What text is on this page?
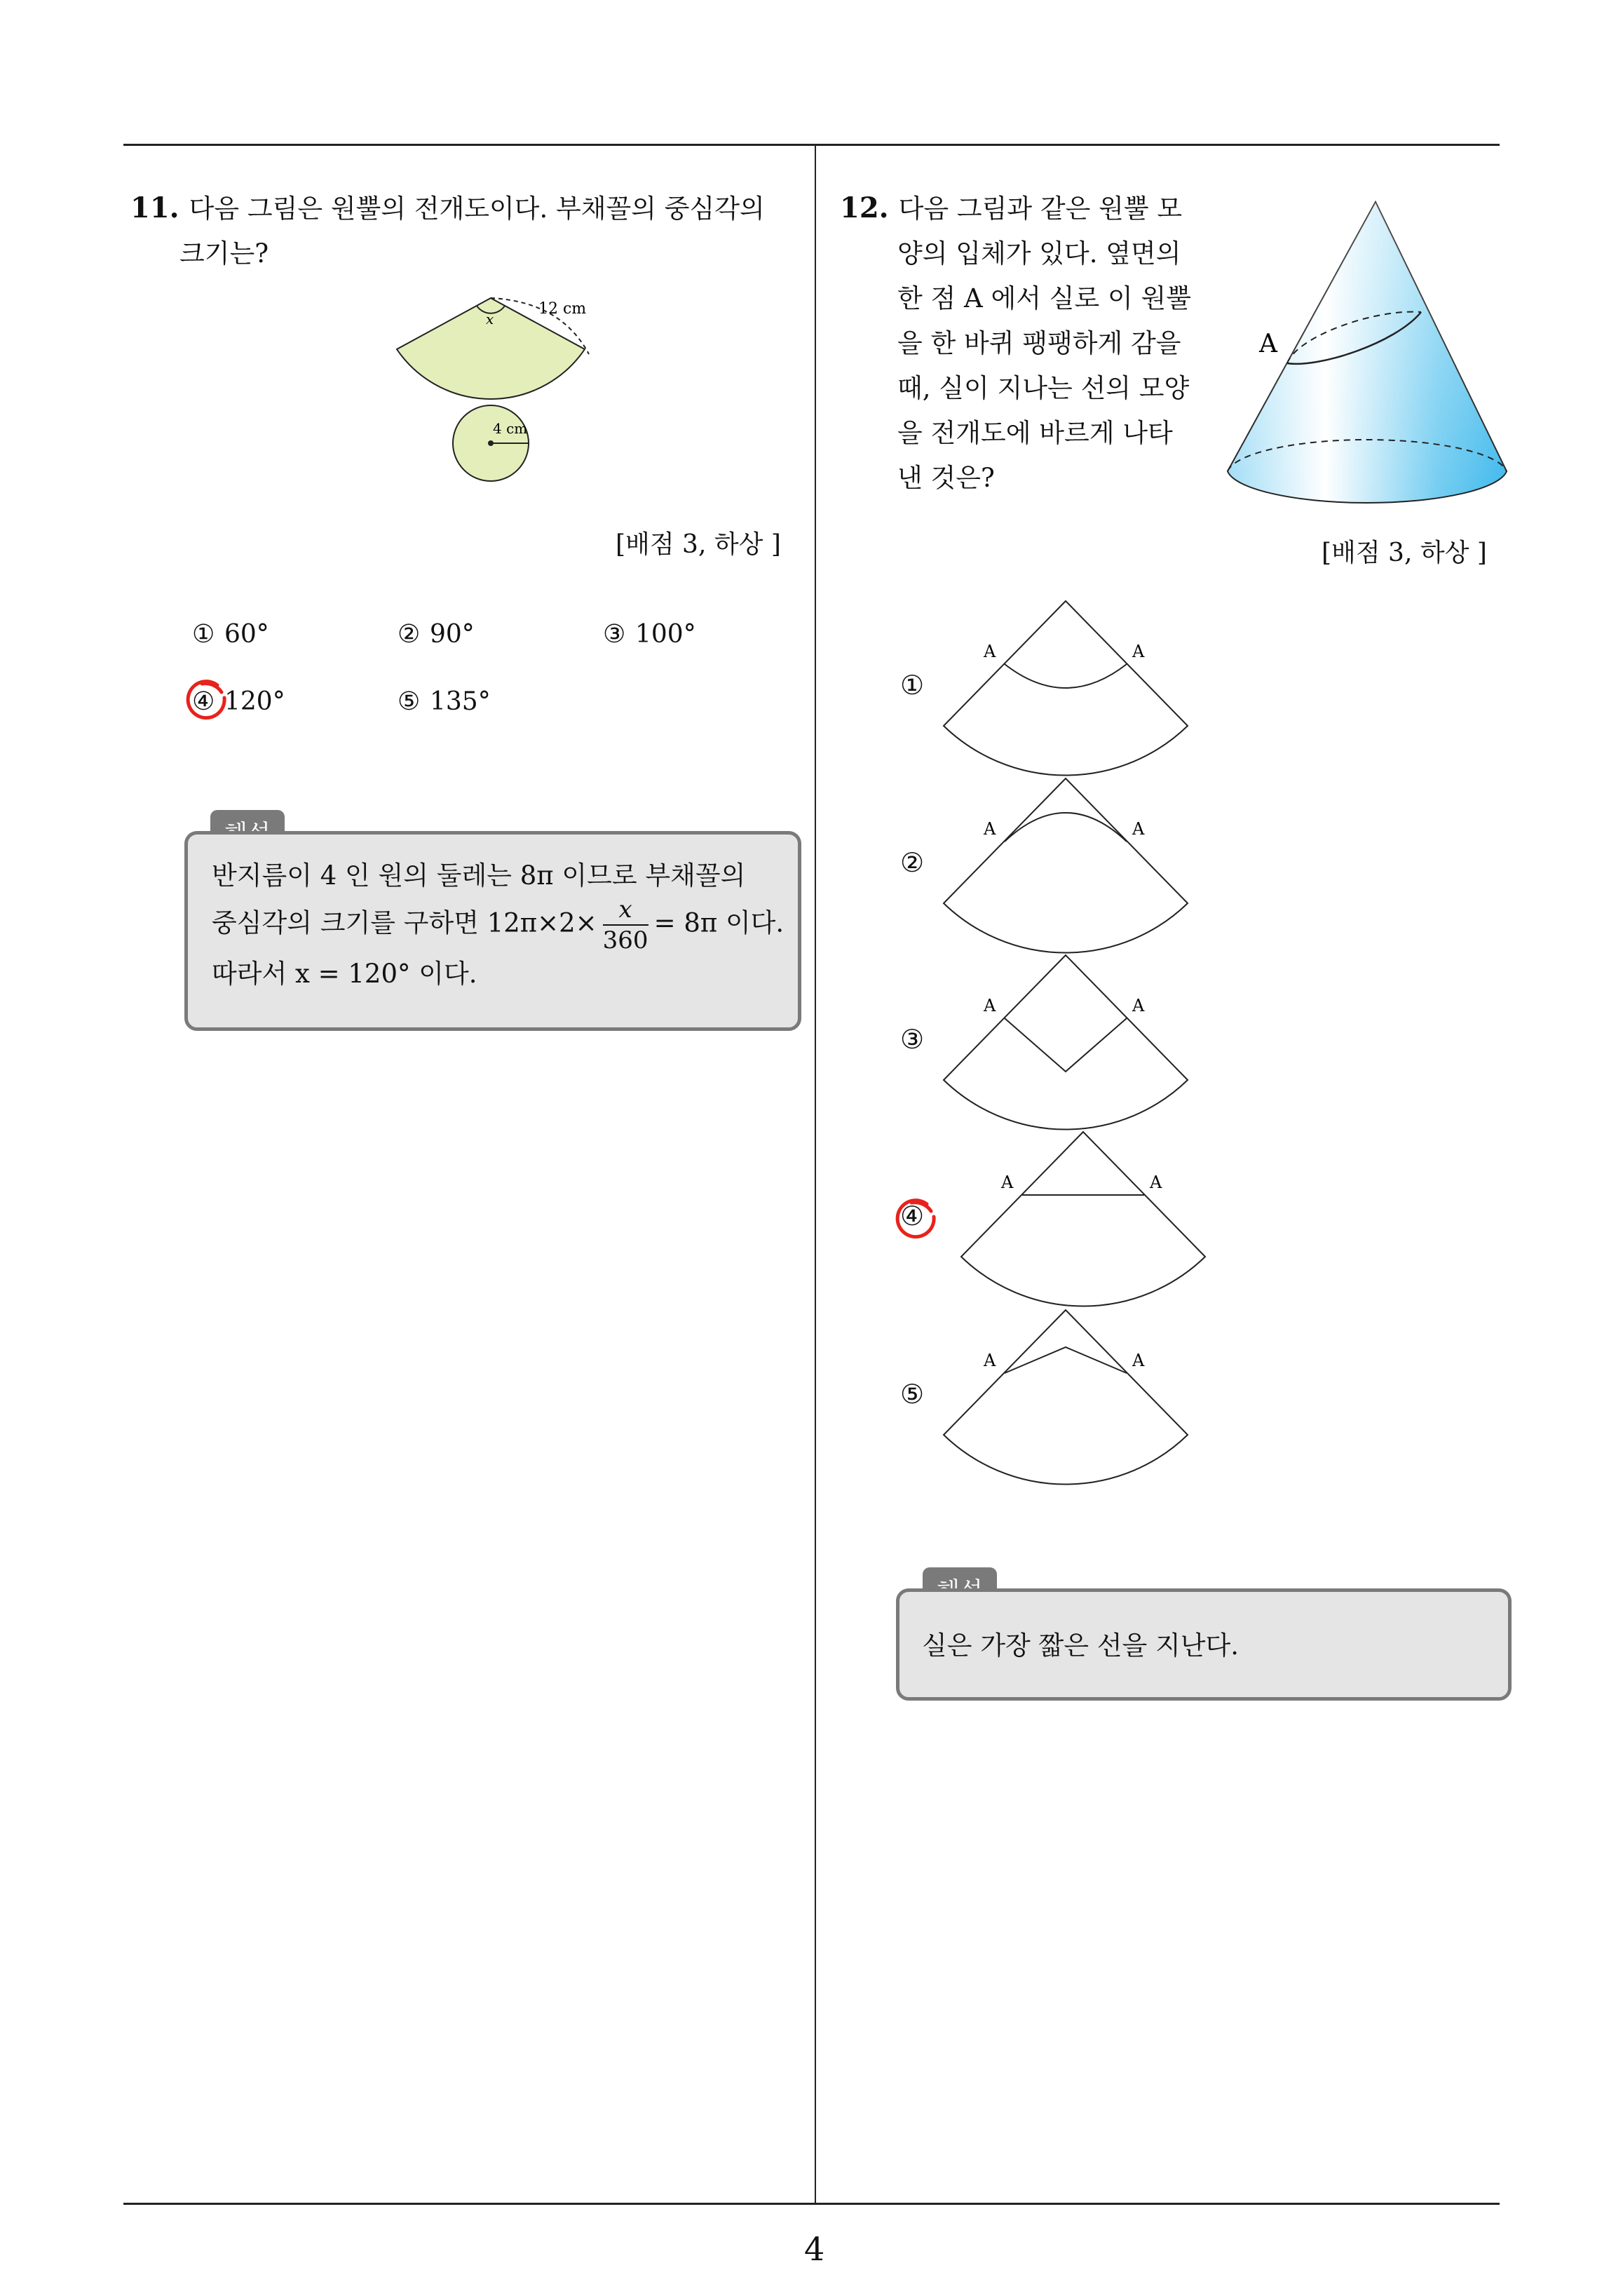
11. 다음 그림은 원뿔의 전개도이다. 부채꼴의 중심각의
크기는?
x
12 cm
4 cm
[배점 3, 하상 ]
① 60°	② 90°	③ 100°
④ 120°	⑤ 135°
반지름이 4 인 원의 둘레는 8π 이므로 부채꼴의
중심각의 크기를 구하면 $12\pi\times 2\times \frac{x}{360} = 8\pi$ 이다.
따라서 x = 120° 이다.
12. 다음 그림과 같은 원뿔 모
양의 입체가 있다. 옆면의
한 점 A 에서 실로 이 원뿔
을 한 바퀴 팽팽하게 감을
때, 실이 지나는 선의 모양
을 전개도에 바르게 나타
낸 것은?
A
[배점 3, 하상 ]
①
A	A
②
A	A
③
A	A
④
A	A
⑤
A	A
실은 가장 짧은 선을 지난다.
4
